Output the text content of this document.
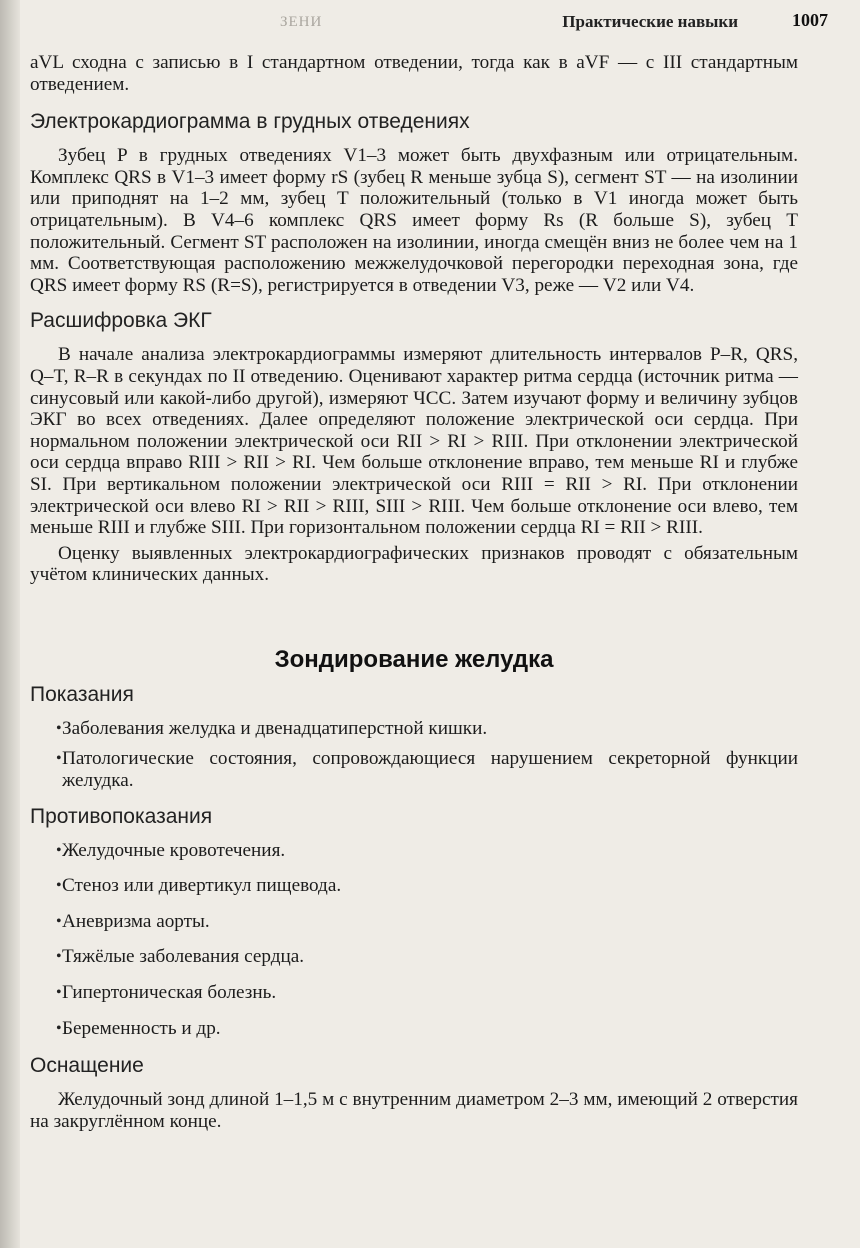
ЗЕНИ	Практические навыки	1007

aVL сходна с записью в I стандартном отведении, тогда как в aVF — с III стандартным отведением.

Электрокардиограмма в грудных отведениях

Зубец P в грудных отведениях V1–3 может быть двухфазным или отрицательным. Комплекс QRS в V1–3 имеет форму rS (зубец R меньше зубца S), сегмент ST — на изолинии или приподнят на 1–2 мм, зубец T положительный (только в V1 иногда может быть отрицательным). В V4–6 комплекс QRS имеет форму Rs (R больше S), зубец T положительный. Сегмент ST расположен на изолинии, иногда смещён вниз не более чем на 1 мм. Соответствующая расположению межжелудочковой перегородки переходная зона, где QRS имеет форму RS (R=S), регистрируется в отведении V3, реже — V2 или V4.

Расшифровка ЭКГ

В начале анализа электрокардиограммы измеряют длительность интервалов P–R, QRS, Q–T, R–R в секундах по II отведению. Оценивают характер ритма сердца (источник ритма — синусовый или какой-либо другой), измеряют ЧСС. Затем изучают форму и величину зубцов ЭКГ во всех отведениях. Далее определяют положение электрической оси сердца. При нормальном положении электрической оси RII > RI > RIII. При отклонении электрической оси сердца вправо RIII > RII > RI. Чем больше отклонение вправо, тем меньше RI и глубже SI. При вертикальном положении электрической оси RIII = RII > RI. При отклонении электрической оси влево RI > RII > RIII, SIII > RIII. Чем больше отклонение оси влево, тем меньше RIII и глубже SIII. При горизонтальном положении сердца RI = RII > RIII.

Оценку выявленных электрокардиографических признаков проводят с обязательным учётом клинических данных.

Зондирование желудка
Показания
• Заболевания желудка и двенадцатиперстной кишки.
• Патологические состояния, сопровождающиеся нарушением секреторной функции желудка.
Противопоказания
• Желудочные кровотечения.
• Стеноз или дивертикул пищевода.
• Аневризма аорты.
• Тяжёлые заболевания сердца.
• Гипертоническая болезнь.
• Беременность и др.
Оснащение

Желудочный зонд длиной 1–1,5 м с внутренним диаметром 2–3 мм, имеющий 2 отверстия на закруглённом конце.
